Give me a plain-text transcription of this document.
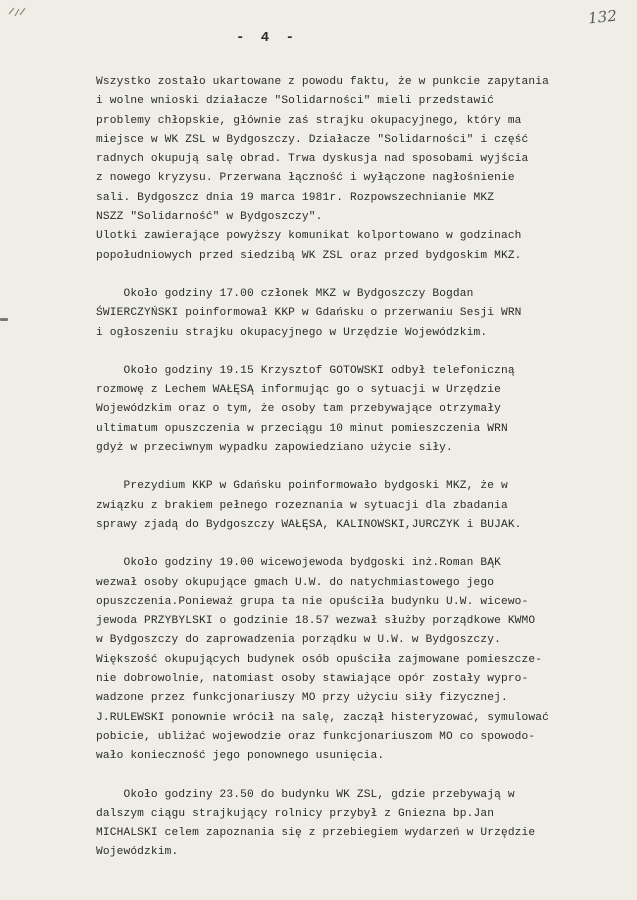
- 4 -
132

Wszystko zostało ukartowane z powodu faktu, że w punkcie zapytania
i wolne wnioski działacze "Solidarności" mieli przedstawić
problemy chłopskie, głównie zaś strajku okupacyjnego, który ma
miejsce w WK ZSL w Bydgoszczy. Działacze "Solidarności" i część
radnych okupują salę obrad. Trwa dyskusja nad sposobami wyjścia
z nowego kryzysu. Przerwana łączność i wyłączone nagłośnienie
sali. Bydgoszcz dnia 19 marca 1981r. Rozpowszechnianie MKZ
NSZZ "Solidarność" w Bydgoszczy".

Ulotki zawierające powyższy komunikat kolportowano w godzinach
popołudniowych przed siedzibą WK ZSL oraz przed bydgoskim MKZ.

Około godziny 17.00 członek MKZ w Bydgoszczy Bogdan
ŚWIERCZYŃSKI poinformował KKP w Gdańsku o przerwaniu Sesji WRN
i ogłoszeniu strajku okupacyjnego w Urzędzie Wojewódzkim.

Około godziny 19.15 Krzysztof GOTOWSKI odbył telefoniczną
rozmowę z Lechem WAŁĘSĄ informując go o sytuacji w Urzędzie
Wojewódzkim oraz o tym, że osoby tam przebywające otrzymały
ultimatum opuszczenia w przeciągu 10 minut pomieszczenia WRN
gdyż w przeciwnym wypadku zapowiedziano użycie siły.

Prezydium KKP w Gdańsku poinformowało bydgoski MKZ, że w
związku z brakiem pełnego rozeznania w sytuacji dla zbadania
sprawy zjadą do Bydgoszczy WAŁĘSA, KALINOWSKI,JURCZYK i BUJAK.

Około godziny 19.00 wicewojewoda bydgoski inż.Roman BĄK
wezwał osoby okupujące gmach U.W. do natychmiastowego jego
opuszczenia.Ponieważ grupa ta nie opuściła budynku U.W. wicewo-
jewoda PRZYBYLSKI o godzinie 18.57 wezwał służby porządkowe KWMO
w Bydgoszczy do zaprowadzenia porządku w U.W. w Bydgoszczy.
Większość okupujących budynek osób opuściła zajmowane pomieszcze-
nie dobrowolnie, natomiast osoby stawiające opór zostały wypro-
wadzone przez funkcjonariuszy MO przy użyciu siły fizycznej.
J.RULEWSKI ponownie wrócił na salę, zaczął histeryzować, symulować
pobicie, ubliżać wojewodzie oraz funkcjonariuszom MO co spowodo-
wało konieczność jego ponownego usunięcia.

Około godziny 23.50 do budynku WK ZSL, gdzie przebywają w
dalszym ciągu strajkujący rolnicy przybył z Gniezna bp.Jan
MICHALSKI celem zapoznania się z przebiegiem wydarzeń w Urzędzie
Wojewódzkim.
